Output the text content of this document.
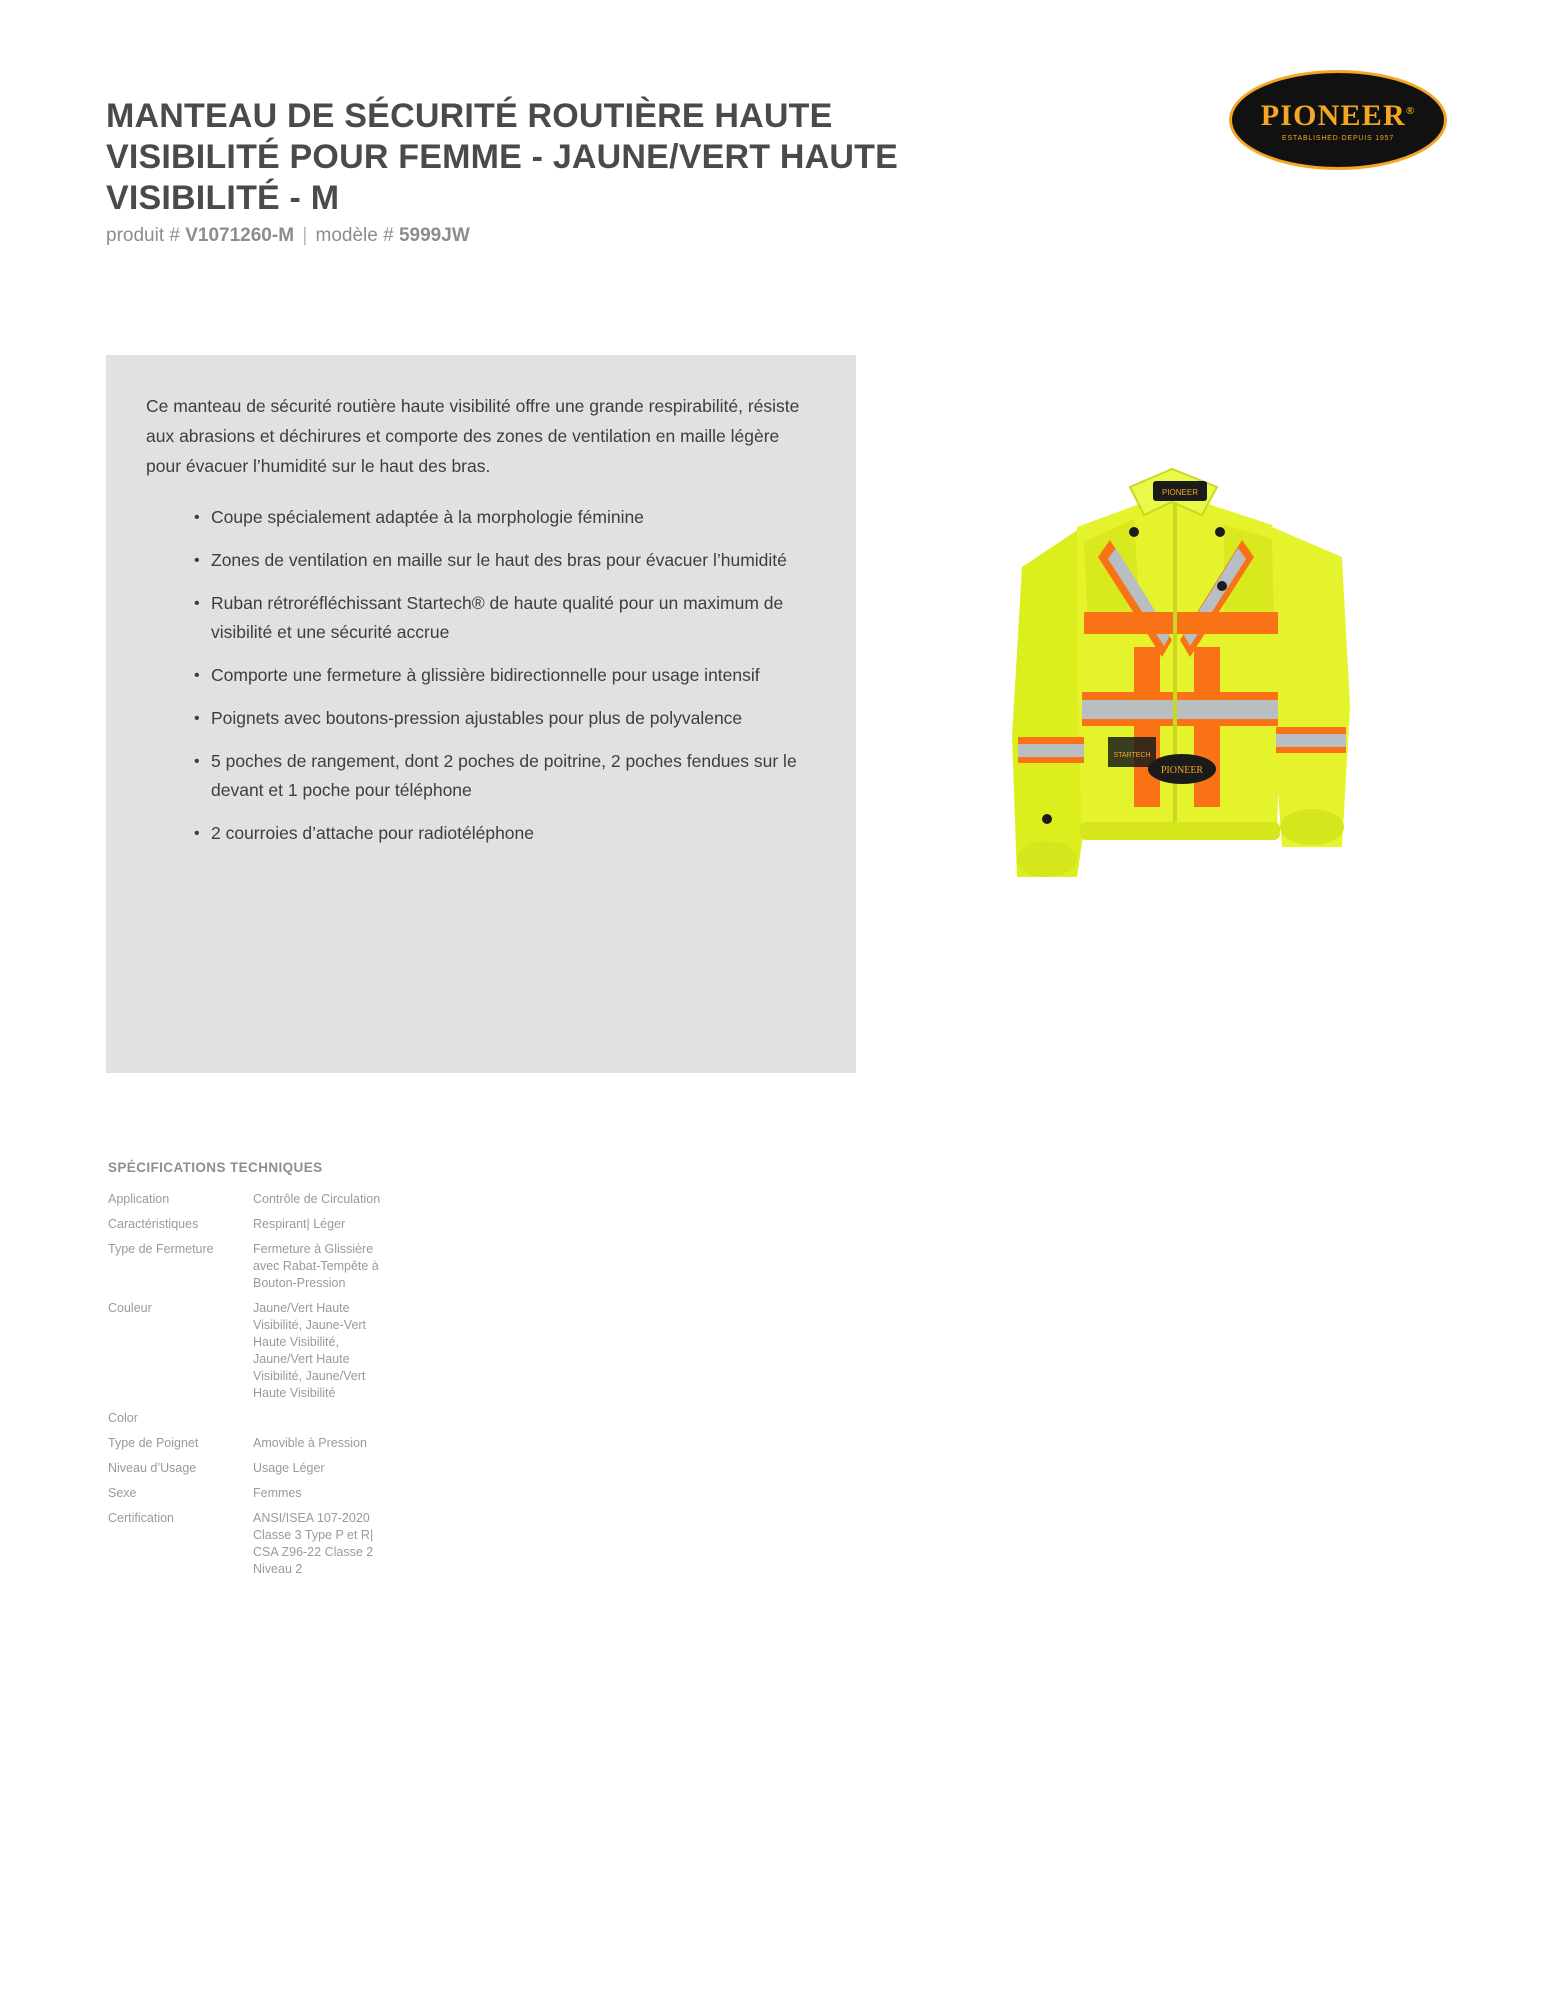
MANTEAU DE SÉCURITÉ ROUTIÈRE HAUTE VISIBILITÉ POUR FEMME - JAUNE/VERT HAUTE VISIBILITÉ - M
produit # V1071260-M | modèle # 5999JW
PIONEER®
ESTABLISHED·DEPUIS 1957

Ce manteau de sécurité routière haute visibilité offre une grande respirabilité, résiste aux abrasions et déchirures et comporte des zones de ventilation en maille légère pour évacuer l’humidité sur le haut des bras.

• Coupe spécialement adaptée à la morphologie féminine
• Zones de ventilation en maille sur le haut des bras pour évacuer l’humidité
• Ruban rétroréfléchissant Startech® de haute qualité pour un maximum de visibilité et une sécurité accrue
• Comporte une fermeture à glissière bidirectionnelle pour usage intensif
• Poignets avec boutons-pression ajustables pour plus de polyvalence
• 5 poches de rangement, dont 2 poches de poitrine, 2 poches fendues sur le devant et 1 poche pour téléphone
• 2 courroies d’attache pour radiotéléphone
PIONEER
STARTECH
PIONEER
SPÉCIFICATIONS TECHNIQUES
Application	Contrôle de Circulation
Caractéristiques	Respirant| Léger
Type de Fermeture	Fermeture à Glissière avec Rabat-Tempête à Bouton-Pression
Couleur	Jaune/Vert Haute Visibilité, Jaune-Vert Haute Visibilité, Jaune/Vert Haute Visibilité, Jaune/Vert Haute Visibilité
Color
Type de Poignet	Amovible à Pression
Niveau d’Usage	Usage Léger
Sexe	Femmes
Certification	ANSI/ISEA 107-2020 Classe 3 Type P et R| CSA Z96-22 Classe 2 Niveau 2
